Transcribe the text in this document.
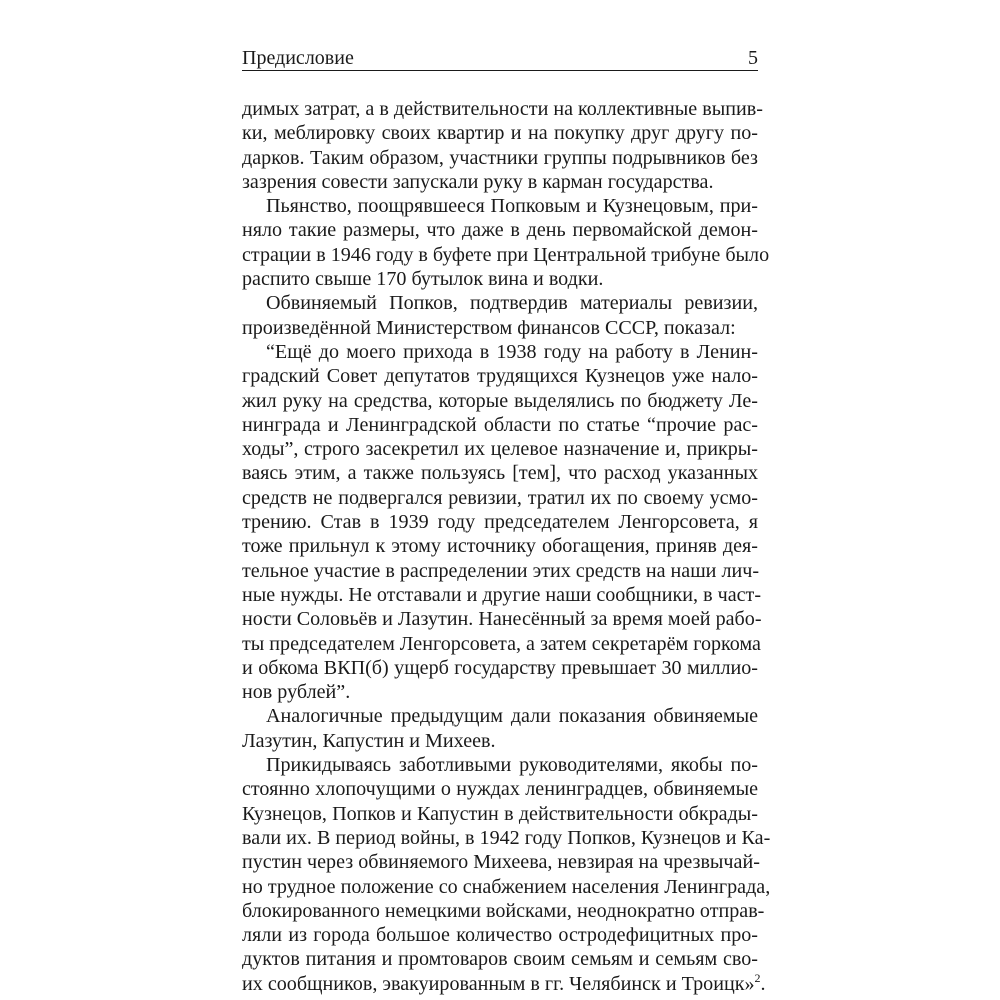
Предисловие	5
димых затрат, а в действительности на коллективные выпив-
ки, меблировку своих квартир и на покупку друг другу по-
дарков. Таким образом, участники группы подрывников без
зазрения совести запускали руку в карман государства.
Пьянство, поощрявшееся Попковым и Кузнецовым, при-
няло такие размеры, что даже в день первомайской демон-
страции в 1946 году в буфете при Центральной трибуне было
распито свыше 170 бутылок вина и водки.
Обвиняемый Попков, подтвердив материалы ревизии,
произведённой Министерством финансов СССР, показал:
“Ещё до моего прихода в 1938 году на работу в Ленин-
градский Совет депутатов трудящихся Кузнецов уже нало-
жил руку на средства, которые выделялись по бюджету Ле-
нинграда и Ленинградской области по статье “прочие рас-
ходы”, строго засекретил их целевое назначение и, прикры-
ваясь этим, а также пользуясь [тем], что расход указанных
средств не подвергался ревизии, тратил их по своему усмо-
трению. Став в 1939 году председателем Ленгорсовета, я
тоже прильнул к этому источнику обогащения, приняв дея-
тельное участие в распределении этих средств на наши лич-
ные нужды. Не отставали и другие наши сообщники, в част-
ности Соловьёв и Лазутин. Нанесённый за время моей рабо-
ты председателем Ленгорсовета, а затем секретарём горкома
и обкома ВКП(б) ущерб государству превышает 30 миллио-
нов рублей”.
Аналогичные предыдущим дали показания обвиняемые
Лазутин, Капустин и Михеев.
Прикидываясь заботливыми руководителями, якобы по-
стоянно хлопочущими о нуждах ленинградцев, обвиняемые
Кузнецов, Попков и Капустин в действительности обкрады-
вали их. В период войны, в 1942 году Попков, Кузнецов и Ка-
пустин через обвиняемого Михеева, невзирая на чрезвычай-
но трудное положение со снабжением населения Ленинграда,
блокированного немецкими войсками, неоднократно отправ-
ляли из города большое количество остродефицитных про-
дуктов питания и промтоваров своим семьям и семьям сво-
их сообщников, эвакуированным в гг. Челябинск и Троицк»$^2$.
